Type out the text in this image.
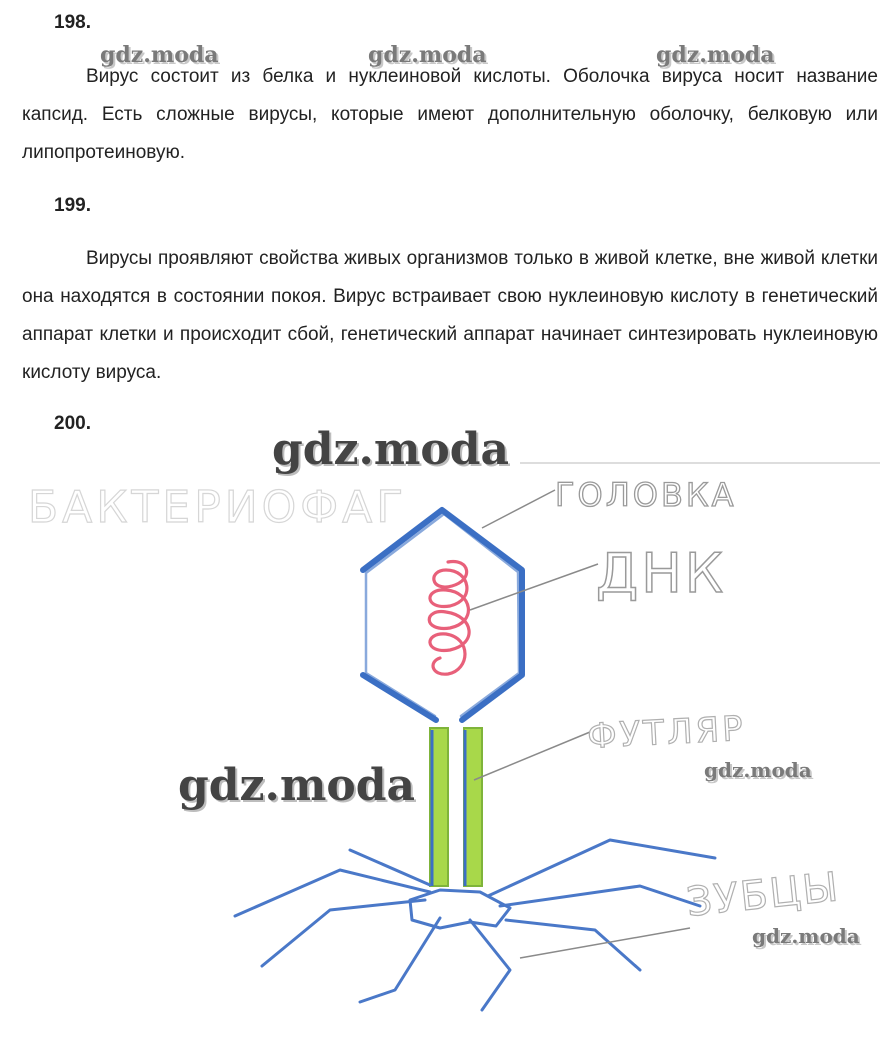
198.
Вирус состоит из белка и нуклеиновой кислоты. Оболочка вируса носит название капсид. Есть сложные вирусы, которые имеют дополнительную оболочку, белковую или липопротеиновую.
199.
Вирусы проявляют свойства живых организмов только в живой клетке, вне живой клетки она находятся в состоянии покоя. Вирус встраивает свою нуклеиновую кислоту в генетический аппарат клетки и происходит сбой, генетический аппарат начинает синтезировать нуклеиновую кислоту вируса.
200.
gdz.moda	gdz.moda	gdz.moda
БАКТЕРИОФАГ	ГОЛОВКА
ДНК
ФУТЛЯР
ЗУБЦЫ
gdz.moda
gdz.moda	gdz.moda
gdz.moda
